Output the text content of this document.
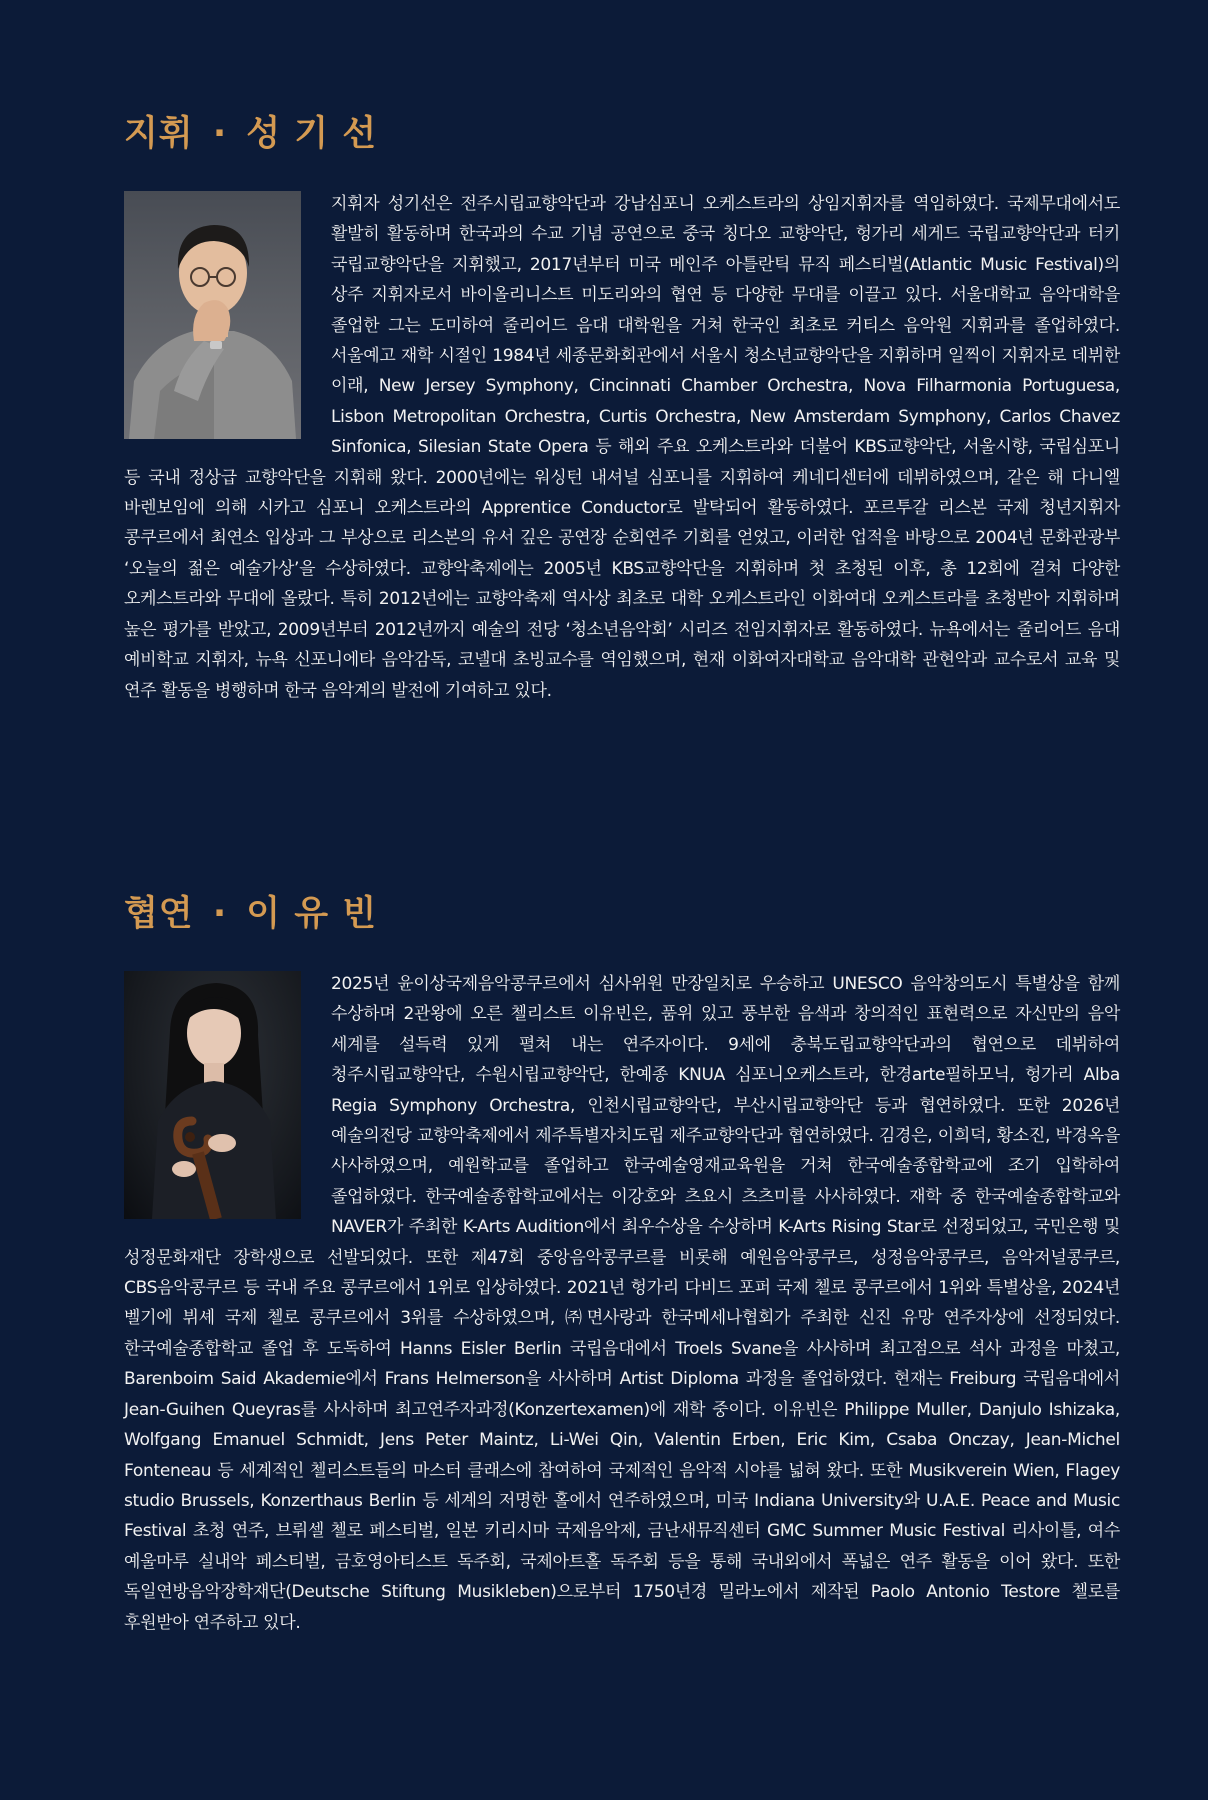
지휘 · 성 기 선
지휘자 성기선은 전주시립교향악단과 강남심포니 오케스트라의 상임지휘자를 역임하였다. 국제무대에서도 활발히 활동하며 한국과의 수교 기념 공연으로 중국 칭다오 교향악단, 헝가리 세게드 국립교향악단과 터키 국립교향악단을 지휘했고, 2017년부터 미국 메인주 아틀란틱 뮤직 페스티벌(Atlantic Music Festival)의 상주 지휘자로서 바이올리니스트 미도리와의 협연 등 다양한 무대를 이끌고 있다. 서울대학교 음악대학을 졸업한 그는 도미하여 줄리어드 음대 대학원을 거쳐 한국인 최초로 커티스 음악원 지휘과를 졸업하였다. 서울예고 재학 시절인 1984년 세종문화회관에서 서울시 청소년교향악단을 지휘하며 일찍이 지휘자로 데뷔한 이래, New Jersey Symphony, Cincinnati Chamber Orchestra, Nova Filharmonia Portuguesa, Lisbon Metropolitan Orchestra, Curtis Orchestra, New Amsterdam Symphony, Carlos Chavez Sinfonica, Silesian State Opera 등 해외 주요 오케스트라와 더불어 KBS교향악단, 서울시향, 국립심포니 등 국내 정상급 교향악단을 지휘해 왔다. 2000년에는 워싱턴 내셔널 심포니를 지휘하여 케네디센터에 데뷔하였으며, 같은 해 다니엘 바렌보임에 의해 시카고 심포니 오케스트라의 Apprentice Conductor로 발탁되어 활동하였다. 포르투갈 리스본 국제 청년지휘자 콩쿠르에서 최연소 입상과 그 부상으로 리스본의 유서 깊은 공연장 순회연주 기회를 얻었고, 이러한 업적을 바탕으로 2004년 문화관광부 ‘오늘의 젊은 예술가상’을 수상하였다. 교향악축제에는 2005년 KBS교향악단을 지휘하며 첫 초청된 이후, 총 12회에 걸쳐 다양한 오케스트라와 무대에 올랐다. 특히 2012년에는 교향악축제 역사상 최초로 대학 오케스트라인 이화여대 오케스트라를 초청받아 지휘하며 높은 평가를 받았고, 2009년부터 2012년까지 예술의 전당 ‘청소년음악회’ 시리즈 전임지휘자로 활동하였다. 뉴욕에서는 줄리어드 음대 예비학교 지휘자, 뉴욕 신포니에타 음악감독, 코넬대 초빙교수를 역임했으며, 현재 이화여자대학교 음악대학 관현악과 교수로서 교육 및 연주 활동을 병행하며 한국 음악계의 발전에 기여하고 있다.
협연 · 이 유 빈
2025년 윤이상국제음악콩쿠르에서 심사위원 만장일치로 우승하고 UNESCO 음악창의도시 특별상을 함께 수상하며 2관왕에 오른 첼리스트 이유빈은, 품위 있고 풍부한 음색과 창의적인 표현력으로 자신만의 음악 세계를 설득력 있게 펼쳐 내는 연주자이다. 9세에 충북도립교향악단과의 협연으로 데뷔하여 청주시립교향악단, 수원시립교향악단, 한예종 KNUA 심포니오케스트라, 한경arte필하모닉, 헝가리 Alba Regia Symphony Orchestra, 인천시립교향악단, 부산시립교향악단 등과 협연하였다. 또한 2026년 예술의전당 교향악축제에서 제주특별자치도립 제주교향악단과 협연하였다. 김경은, 이희덕, 황소진, 박경옥을 사사하였으며, 예원학교를 졸업하고 한국예술영재교육원을 거쳐 한국예술종합학교에 조기 입학하여 졸업하였다. 한국예술종합학교에서는 이강호와 츠요시 츠츠미를 사사하였다. 재학 중 한국예술종합학교와 NAVER가 주최한 K-Arts Audition에서 최우수상을 수상하며 K-Arts Rising Star로 선정되었고, 국민은행 및 성정문화재단 장학생으로 선발되었다. 또한 제47회 중앙음악콩쿠르를 비롯해 예원음악콩쿠르, 성정음악콩쿠르, 음악저널콩쿠르, CBS음악콩쿠르 등 국내 주요 콩쿠르에서 1위로 입상하였다. 2021년 헝가리 다비드 포퍼 국제 첼로 콩쿠르에서 1위와 특별상을, 2024년 벨기에 뷔셰 국제 첼로 콩쿠르에서 3위를 수상하였으며, ㈜면사랑과 한국메세나협회가 주최한 신진 유망 연주자상에 선정되었다. 한국예술종합학교 졸업 후 도독하여 Hanns Eisler Berlin 국립음대에서 Troels Svane을 사사하며 최고점으로 석사 과정을 마쳤고, Barenboim Said Akademie에서 Frans Helmerson을 사사하며 Artist Diploma 과정을 졸업하였다. 현재는 Freiburg 국립음대에서 Jean-Guihen Queyras를 사사하며 최고연주자과정(Konzertexamen)에 재학 중이다. 이유빈은 Philippe Muller, Danjulo Ishizaka, Wolfgang Emanuel Schmidt, Jens Peter Maintz, Li-Wei Qin, Valentin Erben, Eric Kim, Csaba Onczay, Jean-Michel Fonteneau 등 세계적인 첼리스트들의 마스터 클래스에 참여하여 국제적인 음악적 시야를 넓혀 왔다. 또한 Musikverein Wien, Flagey studio Brussels, Konzerthaus Berlin 등 세계의 저명한 홀에서 연주하였으며, 미국 Indiana University와 U.A.E. Peace and Music Festival 초청 연주, 브뤼셀 첼로 페스티벌, 일본 키리시마 국제음악제, 금난새뮤직센터 GMC Summer Music Festival 리사이틀, 여수 예울마루 실내악 페스티벌, 금호영아티스트 독주회, 국제아트홀 독주회 등을 통해 국내외에서 폭넓은 연주 활동을 이어 왔다. 또한 독일연방음악장학재단(Deutsche Stiftung Musikleben)으로부터 1750년경 밀라노에서 제작된 Paolo Antonio Testore 첼로를 후원받아 연주하고 있다.
